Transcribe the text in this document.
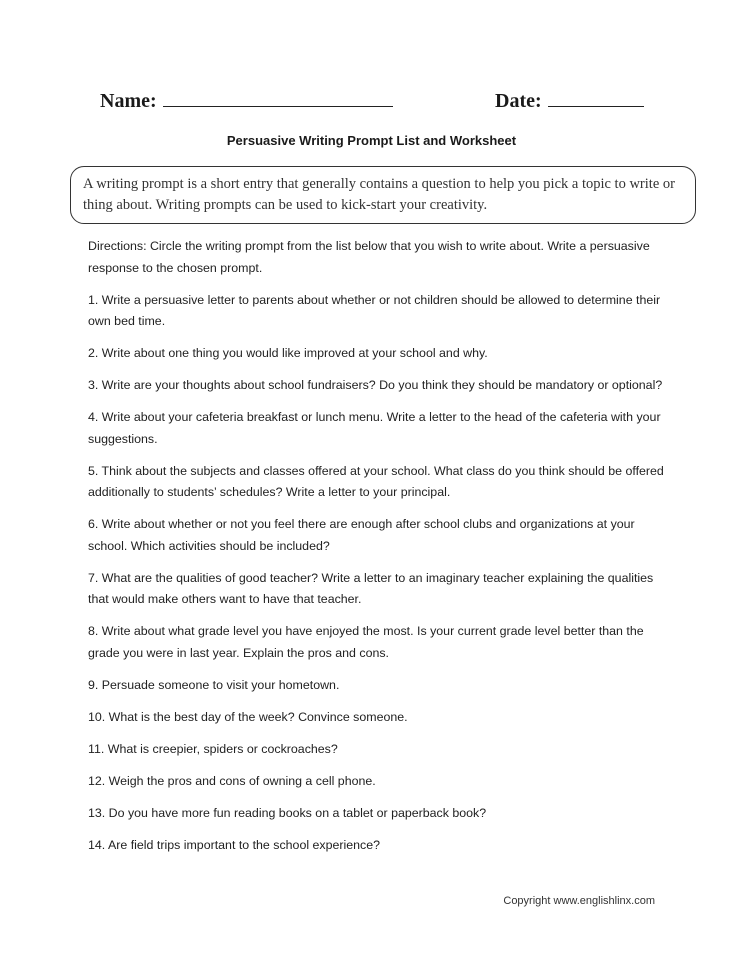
Name:	Date:
Persuasive Writing Prompt List and Worksheet
A writing prompt is a short entry that generally contains a question to help you pick a topic to write or thing about. Writing prompts can be used to kick-start your creativity.

Directions: Circle the writing prompt from the list below that you wish to write about. Write a persuasive response to the chosen prompt.

1. Write a persuasive letter to parents about whether or not children should be allowed to determine their own bed time.
2. Write about one thing you would like improved at your school and why.
3. Write are your thoughts about school fundraisers? Do you think they should be mandatory or optional?
4. Write about your cafeteria breakfast or lunch menu. Write a letter to the head of the cafeteria with your suggestions.
5. Think about the subjects and classes offered at your school. What class do you think should be offered additionally to students’ schedules? Write a letter to your principal.
6. Write about whether or not you feel there are enough after school clubs and organizations at your school. Which activities should be included?
7. What are the qualities of good teacher? Write a letter to an imaginary teacher explaining the qualities that would make others want to have that teacher.
8. Write about what grade level you have enjoyed the most. Is your current grade level better than the grade you were in last year. Explain the pros and cons.
9. Persuade someone to visit your hometown.
10. What is the best day of the week? Convince someone.
11. What is creepier, spiders or cockroaches?
12. Weigh the pros and cons of owning a cell phone.
13. Do you have more fun reading books on a tablet or paperback book?
14. Are field trips important to the school experience?
Copyright www.englishlinx.com
